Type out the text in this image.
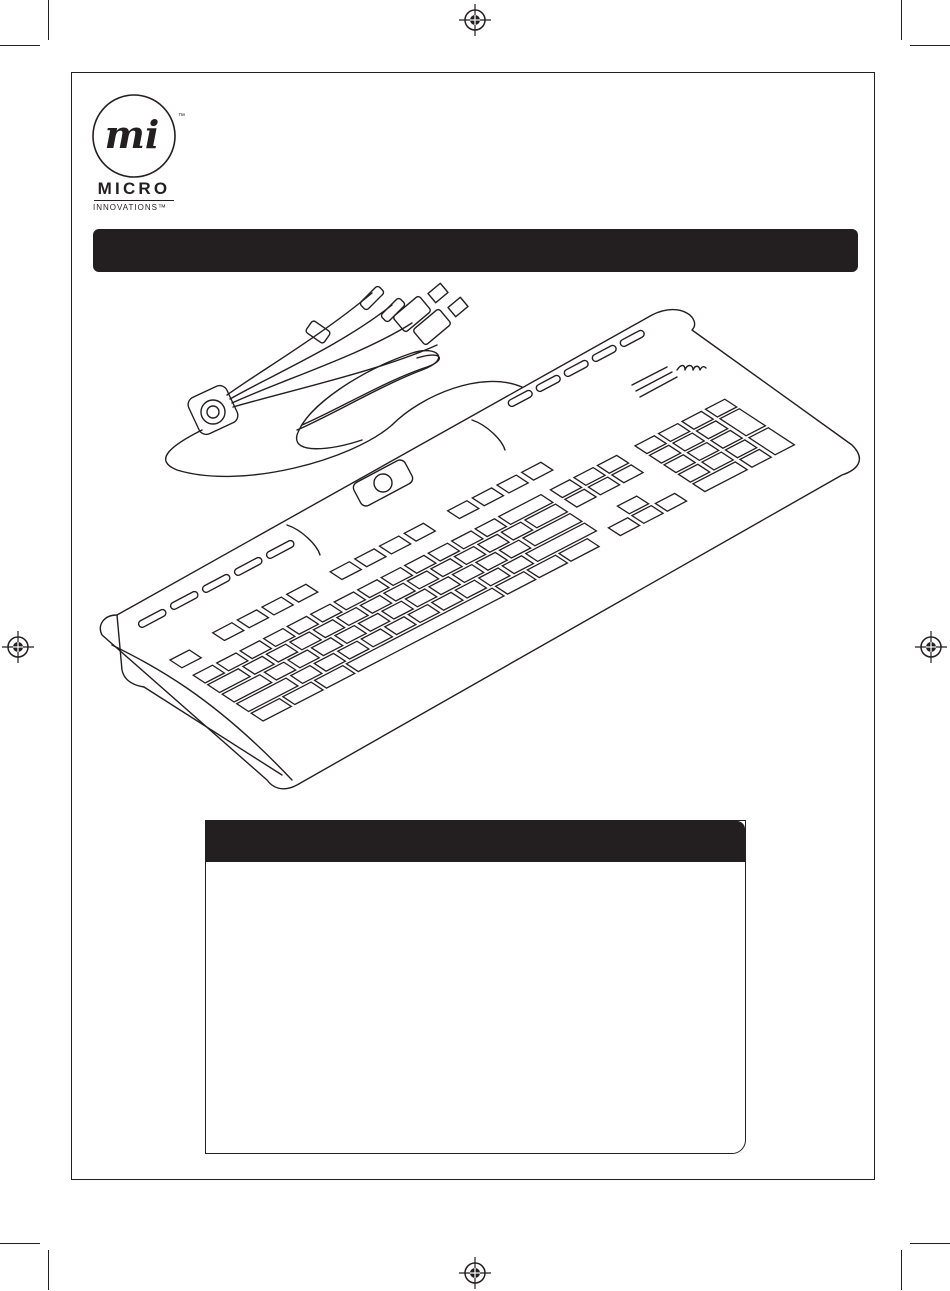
mi	™
MICRO
INNOVATIONS™
